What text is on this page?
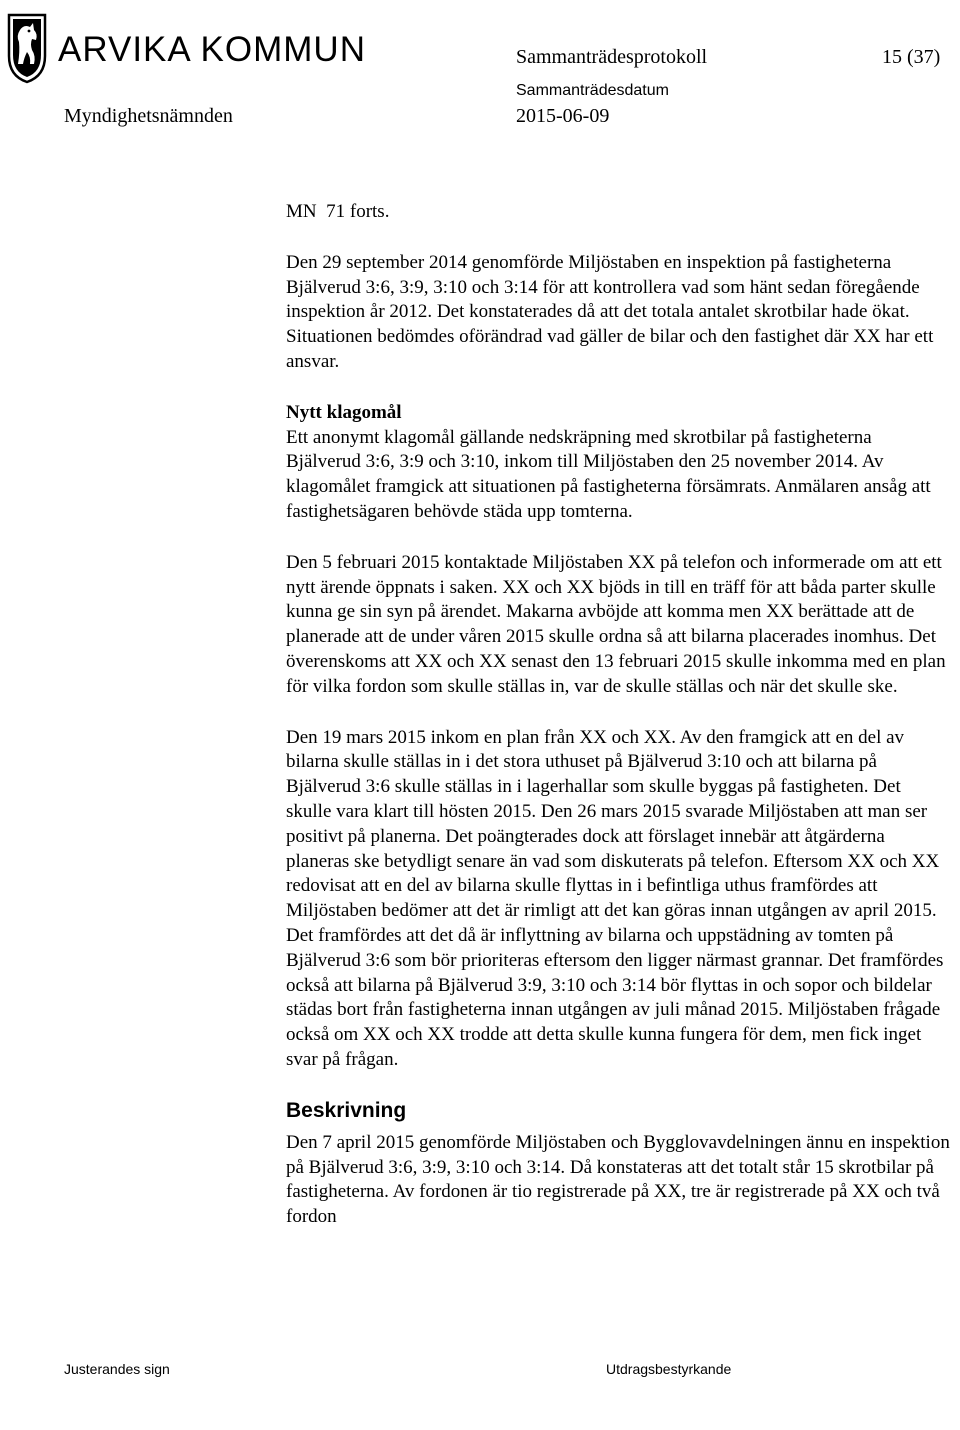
ARVIKA KOMMUN	Sammanträdesprotokoll	15 (37)
Sammanträdesdatum
Myndighetsnämnden	2015-06-09

MN  71 forts.

Den 29 september 2014 genomförde Miljöstaben en inspektion på fastigheterna Bjälverud 3:6, 3:9, 3:10 och 3:14 för att kontrollera vad som hänt sedan föregående inspektion år 2012. Det konstaterades då att det totala antalet skrotbilar hade ökat. Situationen bedömdes oförändrad vad gäller de bilar och den fastighet där XX har ett ansvar.

Nytt klagomål

Ett anonymt klagomål gällande nedskräpning med skrotbilar på fastigheterna Bjälverud 3:6, 3:9 och 3:10, inkom till Miljöstaben den 25 november 2014. Av klagomålet framgick att situationen på fastigheterna försämrats. Anmälaren ansåg att fastighetsägaren behövde städa upp tomterna.

Den 5 februari 2015 kontaktade Miljöstaben XX på telefon och informerade om att ett nytt ärende öppnats i saken. XX och XX bjöds in till en träff för att båda parter skulle kunna ge sin syn på ärendet. Makarna avböjde att komma men XX berättade att de planerade att de under våren 2015 skulle ordna så att bilarna placerades inomhus. Det överenskoms att XX och XX senast den 13 februari 2015 skulle inkomma med en plan för vilka fordon som skulle ställas in, var de skulle ställas och när det skulle ske.

Den 19 mars 2015 inkom en plan från XX och XX. Av den framgick att en del av bilarna skulle ställas in i det stora uthuset på Bjälverud 3:10 och att bilarna på Bjälverud 3:6 skulle ställas in i lagerhallar som skulle byggas på fastigheten. Det skulle vara klart till hösten 2015. Den 26 mars 2015 svarade Miljöstaben att man ser positivt på planerna. Det poängterades dock att förslaget innebär att åtgärderna planeras ske betydligt senare än vad som diskuterats på telefon. Eftersom XX och XX redovisat att en del av bilarna skulle flyttas in i befintliga uthus framfördes att Miljöstaben bedömer att det är rimligt att det kan göras innan utgången av april 2015. Det framfördes att det då är inflyttning av bilarna och uppstädning av tomten på Bjälverud 3:6 som bör prioriteras eftersom den ligger närmast grannar. Det framfördes också att bilarna på Bjälverud 3:9, 3:10 och 3:14 bör flyttas in och sopor och bildelar städas bort från fastigheterna innan utgången av juli månad 2015. Miljöstaben frågade också om XX och XX trodde att detta skulle kunna fungera för dem, men fick inget svar på frågan.

Beskrivning

Den 7 april 2015 genomförde Miljöstaben och Bygglovavdelningen ännu en inspektion på Bjälverud 3:6, 3:9, 3:10 och 3:14. Då konstateras att det totalt står 15 skrotbilar på fastigheterna. Av fordonen är tio registrerade på XX, tre är registrerade på XX och två fordon

Justerandes sign	Utdragsbestyrkande
